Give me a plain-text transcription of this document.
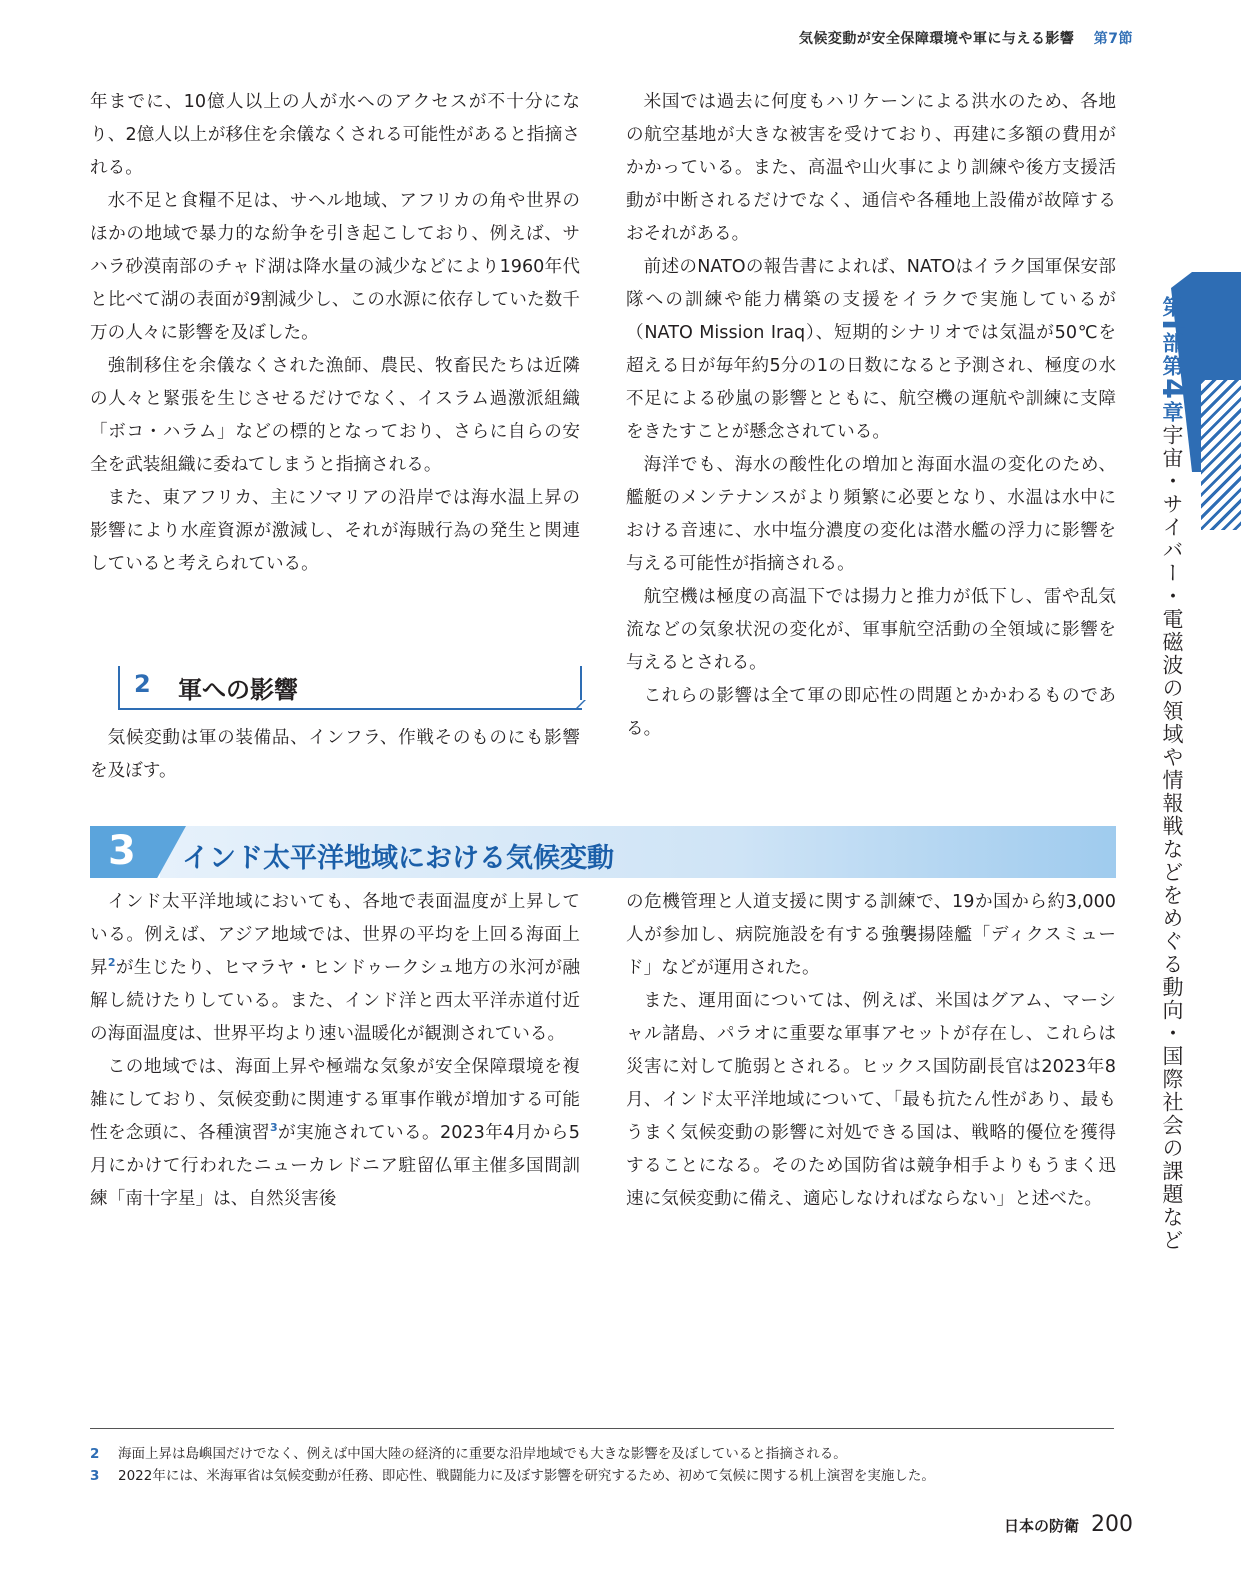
気候変動が安全保障環境や軍に与える影響 第7節

年までに、10億人以上の人が水へのアクセスが不十分になり、2億人以上が移住を余儀なくされる可能性があると指摘される。

水不足と食糧不足は、サヘル地域、アフリカの角や世界のほかの地域で暴力的な紛争を引き起こしており、例えば、サハラ砂漠南部のチャド湖は降水量の減少などにより1960年代と比べて湖の表面が9割減少し、この水源に依存していた数千万の人々に影響を及ぼした。

強制移住を余儀なくされた漁師、農民、牧畜民たちは近隣の人々と緊張を生じさせるだけでなく、イスラム過激派組織「ボコ・ハラム」などの標的となっており、さらに自らの安全を武装組織に委ねてしまうと指摘される。

また、東アフリカ、主にソマリアの沿岸では海水温上昇の影響により水産資源が激減し、それが海賊行為の発生と関連していると考えられている。

2 軍への影響

気候変動は軍の装備品、インフラ、作戦そのものにも影響を及ぼす。

米国では過去に何度もハリケーンによる洪水のため、各地の航空基地が大きな被害を受けており、再建に多額の費用がかかっている。また、高温や山火事により訓練や後方支援活動が中断されるだけでなく、通信や各種地上設備が故障するおそれがある。

前述のNATOの報告書によれば、NATOはイラク国軍保安部隊への訓練や能力構築の支援をイラクで実施しているが（NATO Mission Iraq）、短期的シナリオでは気温が50℃を超える日が毎年約5分の1の日数になると予測され、極度の水不足による砂嵐の影響とともに、航空機の運航や訓練に支障をきたすことが懸念されている。

海洋でも、海水の酸性化の増加と海面水温の変化のため、艦艇のメンテナンスがより頻繁に必要となり、水温は水中における音速に、水中塩分濃度の変化は潜水艦の浮力に影響を与える可能性が指摘される。

航空機は極度の高温下では揚力と推力が低下し、雷や乱気流などの気象状況の変化が、軍事航空活動の全領域に影響を与えるとされる。

これらの影響は全て軍の即応性の問題とかかわるものである。

3 インド太平洋地域における気候変動

インド太平洋地域においても、各地で表面温度が上昇している。例えば、アジア地域では、世界の平均を上回る海面上昇$^2$が生じたり、ヒマラヤ・ヒンドゥークシュ地方の氷河が融解し続けたりしている。また、インド洋と西太平洋赤道付近の海面温度は、世界平均より速い温暖化が観測されている。

この地域では、海面上昇や極端な気象が安全保障環境を複雑にしており、気候変動に関連する軍事作戦が増加する可能性を念頭に、各種演習$^3$が実施されている。2023年4月から5月にかけて行われたニューカレドニア駐留仏軍主催多国間訓練「南十字星」は、自然災害後

の危機管理と人道支援に関する訓練で、19か国から約3,000人が参加し、病院施設を有する強襲揚陸艦「ディクスミュード」などが運用された。

また、運用面については、例えば、米国はグアム、マーシャル諸島、パラオに重要な軍事アセットが存在し、これらは災害に対して脆弱とされる。ヒックス国防副長官は2023年8月、インド太平洋地域について、「最も抗たん性があり、最もうまく気候変動の影響に対処できる国は、戦略的優位を獲得することになる。そのため国防省は競争相手よりもうまく迅速に気候変動に備え、適応しなければならない」と述べた。

第I部第4章宇宙・サイバー・電磁波の領域や情報戦などをめぐる動向・国際社会の課題など
2 海面上昇は島嶼国だけでなく、例えば中国大陸の経済的に重要な沿岸地域でも大きな影響を及ぼしていると指摘される。
3 2022年には、米海軍省は気候変動が任務、即応性、戦闘能力に及ぼす影響を研究するため、初めて気候に関する机上演習を実施した。
日本の防衛 200
